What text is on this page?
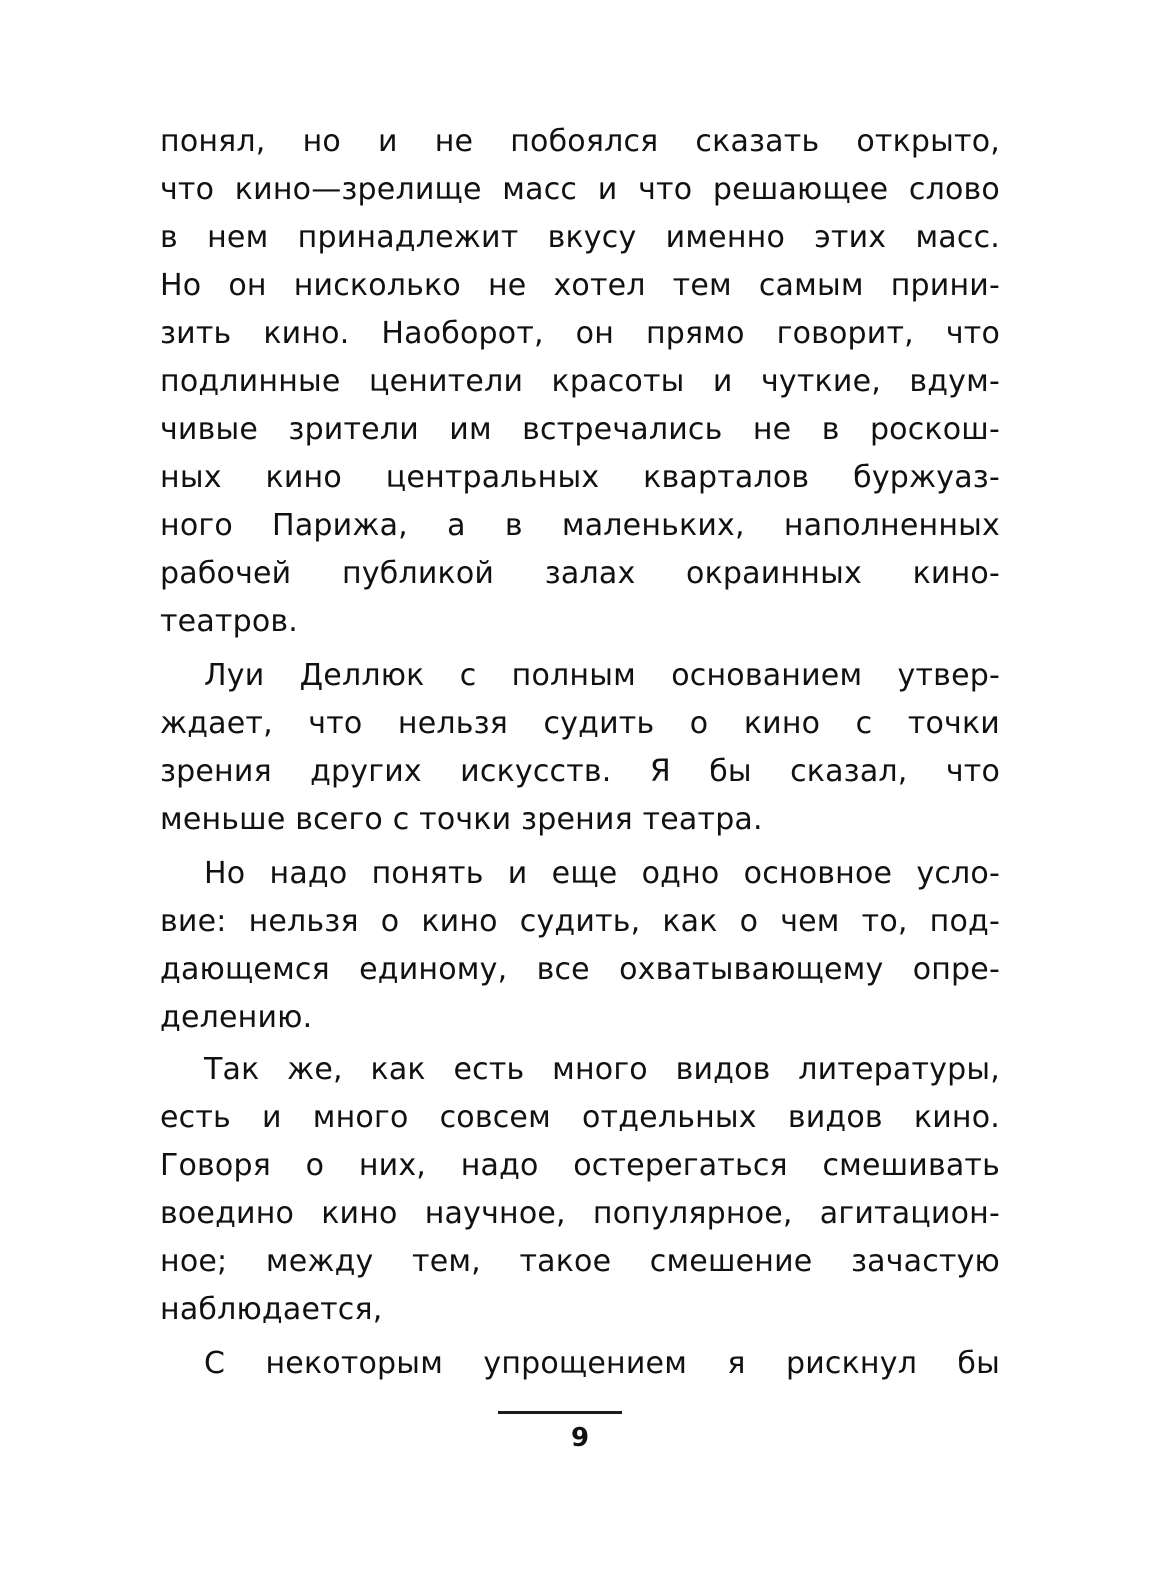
понял, но и не побоялся сказать открыто,
что кино—зрелище масс и что решающее слово
в нем принадлежит вкусу именно этих масс.
Но он нисколько не хотел тем самым прини-
зить кино. Наоборот, он прямо говорит, что
подлинные ценители красоты и чуткие, вдум-
чивые зрители им встречались не в роскош-
ных кино центральных кварталов буржуаз-
ного Парижа, а в маленьких, наполненных
рабочей публикой залах окраинных кино-
театров.
Луи Деллюк с полным основанием утвер-
ждает, что нельзя судить о кино с точки
зрения других искусств. Я бы сказал, что
меньше всего с точки зрения театра.
Но надо понять и еще одно основное усло-
вие: нельзя о кино судить, как о чем то, под-
дающемся единому, все охватывающему опре-
делению.
Так же, как есть много видов литературы,
есть и много совсем отдельных видов кино.
Говоря о них, надо остерегаться смешивать
воедино кино научное, популярное, агитацион-
ное; между тем, такое смешение зачастую
наблюдается,
С некоторым упрощением я рискнул бы
9
